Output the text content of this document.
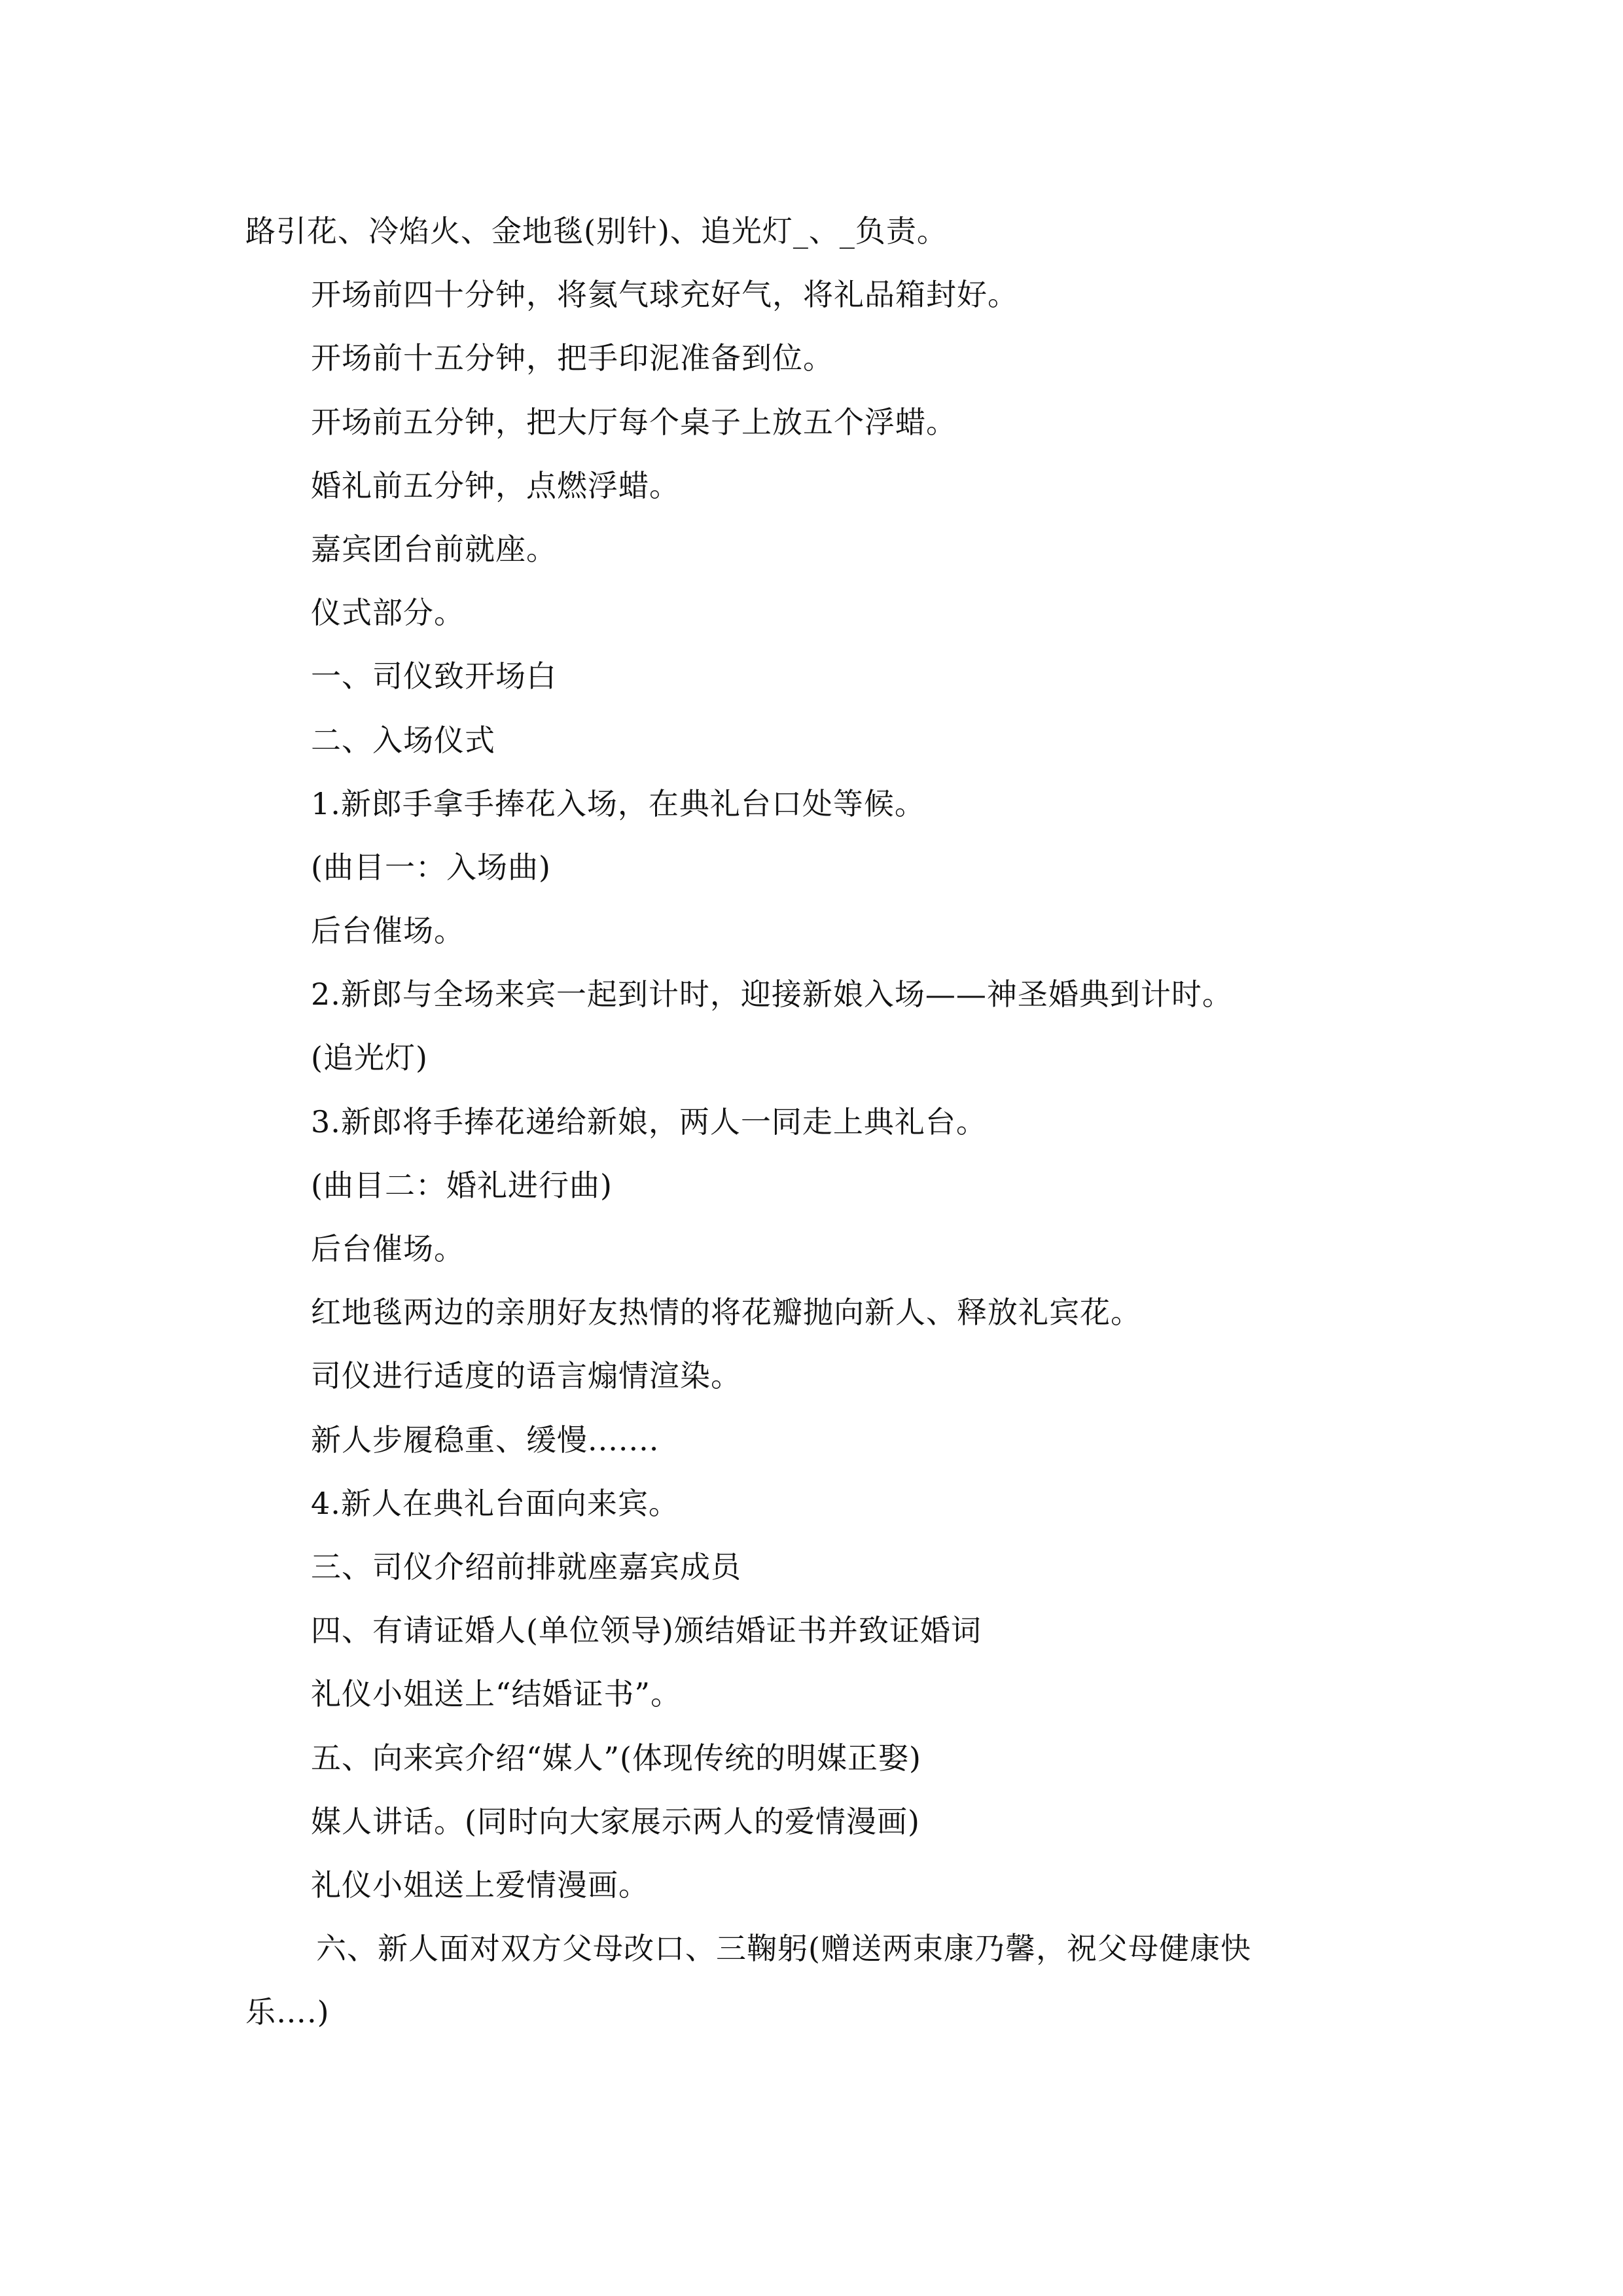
路引花、冷焰火、金地毯(别针)、追光灯_、_负责。
开场前四十分钟，将氦气球充好气，将礼品箱封好。
开场前十五分钟，把手印泥准备到位。
开场前五分钟，把大厅每个桌子上放五个浮蜡。
婚礼前五分钟，点燃浮蜡。
嘉宾团台前就座。
仪式部分。
一、司仪致开场白
二、入场仪式
1.新郎手拿手捧花入场，在典礼台口处等候。
(曲目一：入场曲)
后台催场。
2.新郎与全场来宾一起到计时，迎接新娘入场——神圣婚典到计时。
(追光灯)
3.新郎将手捧花递给新娘，两人一同走上典礼台。
(曲目二：婚礼进行曲)
后台催场。
红地毯两边的亲朋好友热情的将花瓣抛向新人、释放礼宾花。
司仪进行适度的语言煽情渲染。
新人步履稳重、缓慢.......
4.新人在典礼台面向来宾。
三、司仪介绍前排就座嘉宾成员
四、有请证婚人(单位领导)颁结婚证书并致证婚词
礼仪小姐送上“结婚证书”。
五、向来宾介绍“媒人”(体现传统的明媒正娶)
媒人讲话。(同时向大家展示两人的爱情漫画)
礼仪小姐送上爱情漫画。
六、新人面对双方父母改口、三鞠躬(赠送两束康乃馨，祝父母健康快
乐….)
